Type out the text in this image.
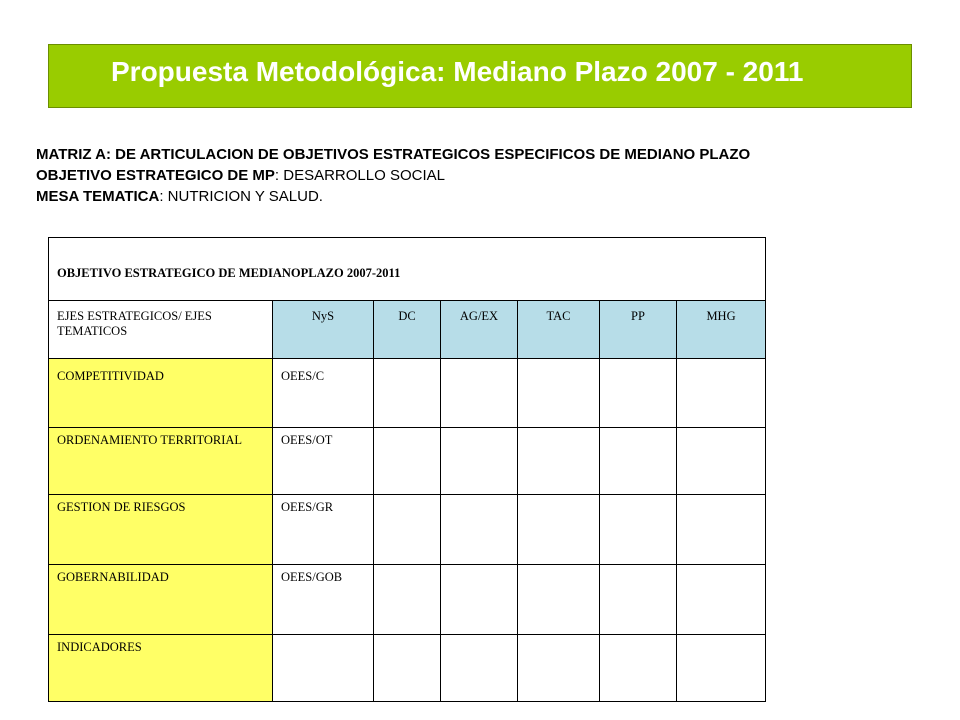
Propuesta Metodológica: Mediano Plazo 2007 - 2011
MATRIZ A: DE ARTICULACION DE OBJETIVOS ESTRATEGICOS ESPECIFICOS DE MEDIANO PLAZO
OBJETIVO ESTRATEGICO DE MP: DESARROLLO SOCIAL
MESA TEMATICA: NUTRICION Y SALUD.
OBJETIVO ESTRATEGICO DE MEDIANOPLAZO 2007-2011						
EJES ESTRATEGICOS/ EJES TEMATICOS	NyS	DC	AG/EX	TAC	PP	MHG
COMPETITIVIDAD	OEES/C					
ORDENAMIENTO TERRITORIAL	OEES/OT					
GESTION DE RIESGOS	OEES/GR					
GOBERNABILIDAD	OEES/GOB					
INDICADORES						
